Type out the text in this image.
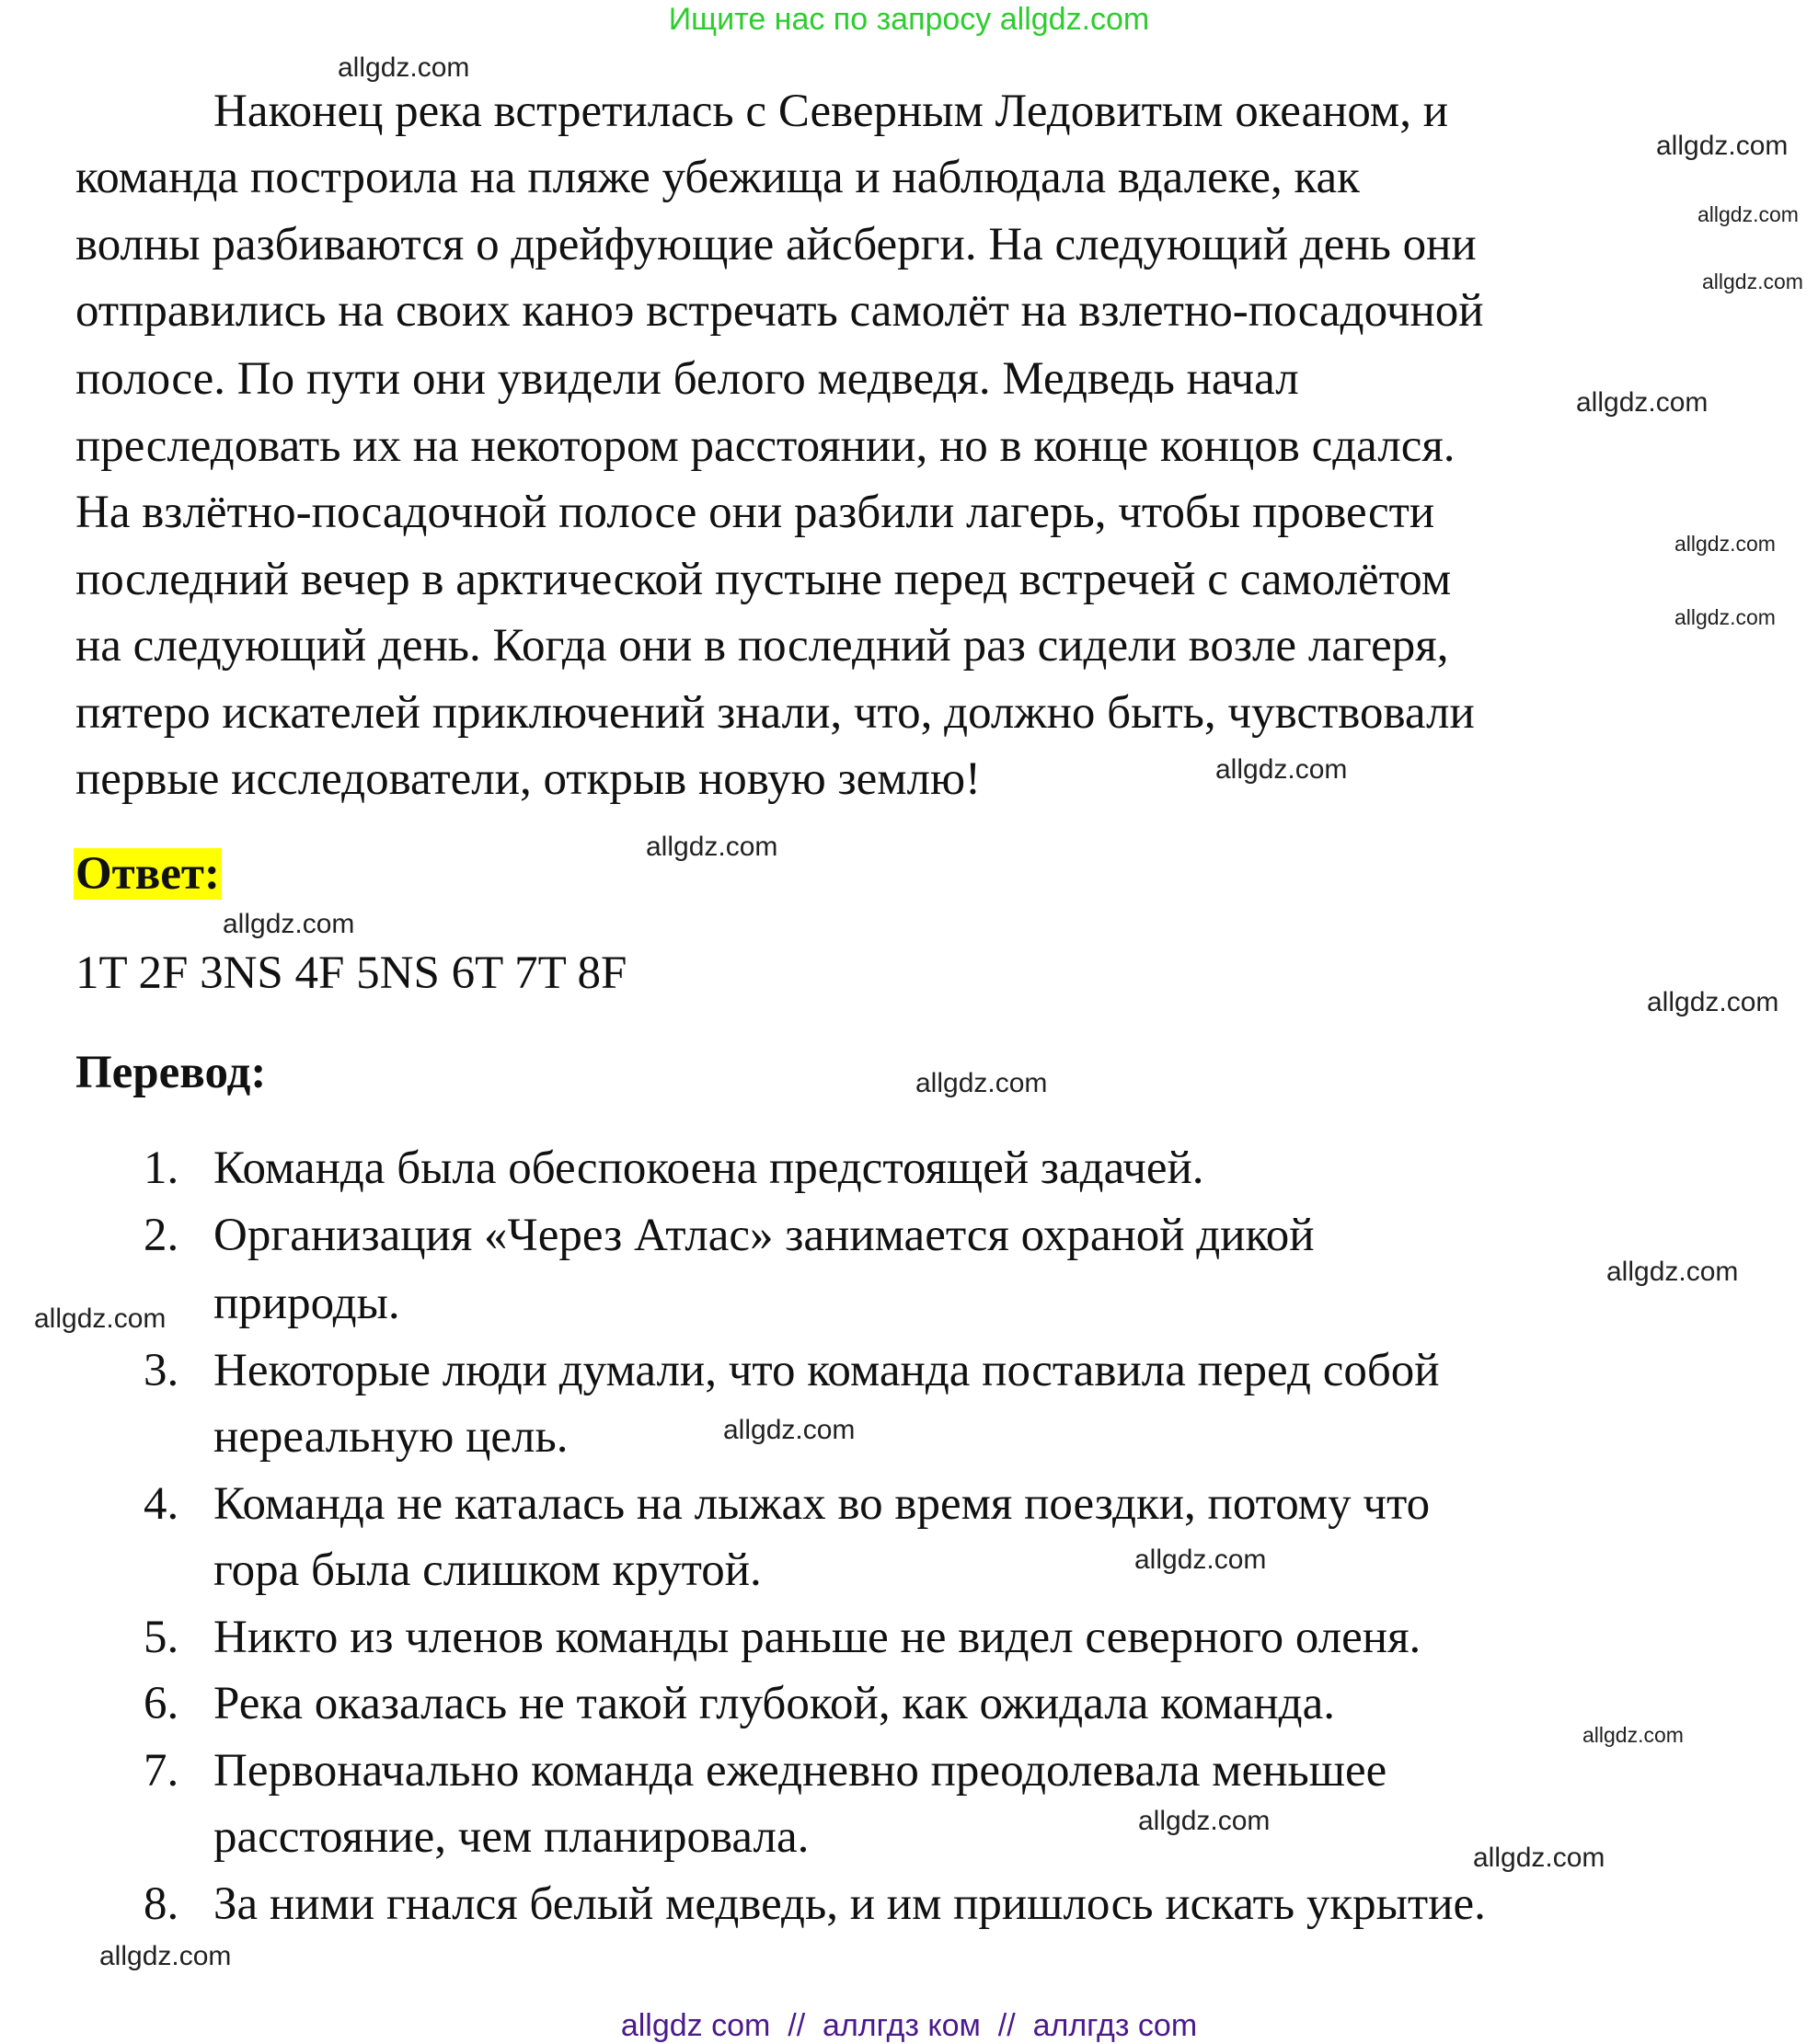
Ищите нас по запросу allgdz.com
Наконец река встретилась с Северным Ледовитым океаном, и
команда построила на пляже убежища и наблюдала вдалеке, как
волны разбиваются о дрейфующие айсберги. На следующий день они
отправились на своих каноэ встречать самолёт на взлетно-посадочной
полосе. По пути они увидели белого медведя. Медведь начал
преследовать их на некотором расстоянии, но в конце концов сдался.
На взлётно-посадочной полосе они разбили лагерь, чтобы провести
последний вечер в арктической пустыне перед встречей с самолётом
на следующий день. Когда они в последний раз сидели возле лагеря,
пятеро искателей приключений знали, что, должно быть, чувствовали
первые исследователи, открыв новую землю!
Ответ:
1T 2F 3NS 4F 5NS 6T 7T 8F
Перевод:
1. Команда была обеспокоена предстоящей задачей.
2. Организация «Через Атлас» занимается охраной дикой
природы.
3. Некоторые люди думали, что команда поставила перед собой
нереальную цель.
4. Команда не каталась на лыжах во время поездки, потому что
гора была слишком крутой.
5. Никто из членов команды раньше не видел северного оленя.
6. Река оказалась не такой глубокой, как ожидала команда.
7. Первоначально команда ежедневно преодолевала меньшее
расстояние, чем планировала.
8. За ними гнался белый медведь, и им пришлось искать укрытие.
allgdz.com
allgdz.com
allgdz.com
allgdz.com
allgdz.com
allgdz.com
allgdz.com
allgdz.com
allgdz.com
allgdz.com
allgdz.com
allgdz.com
allgdz.com
allgdz.com
allgdz.com
allgdz.com
allgdz.com
allgdz.com
allgdz.com
allgdz.com
allgdz com  //  аллгдз ком  //  аллгдз com
